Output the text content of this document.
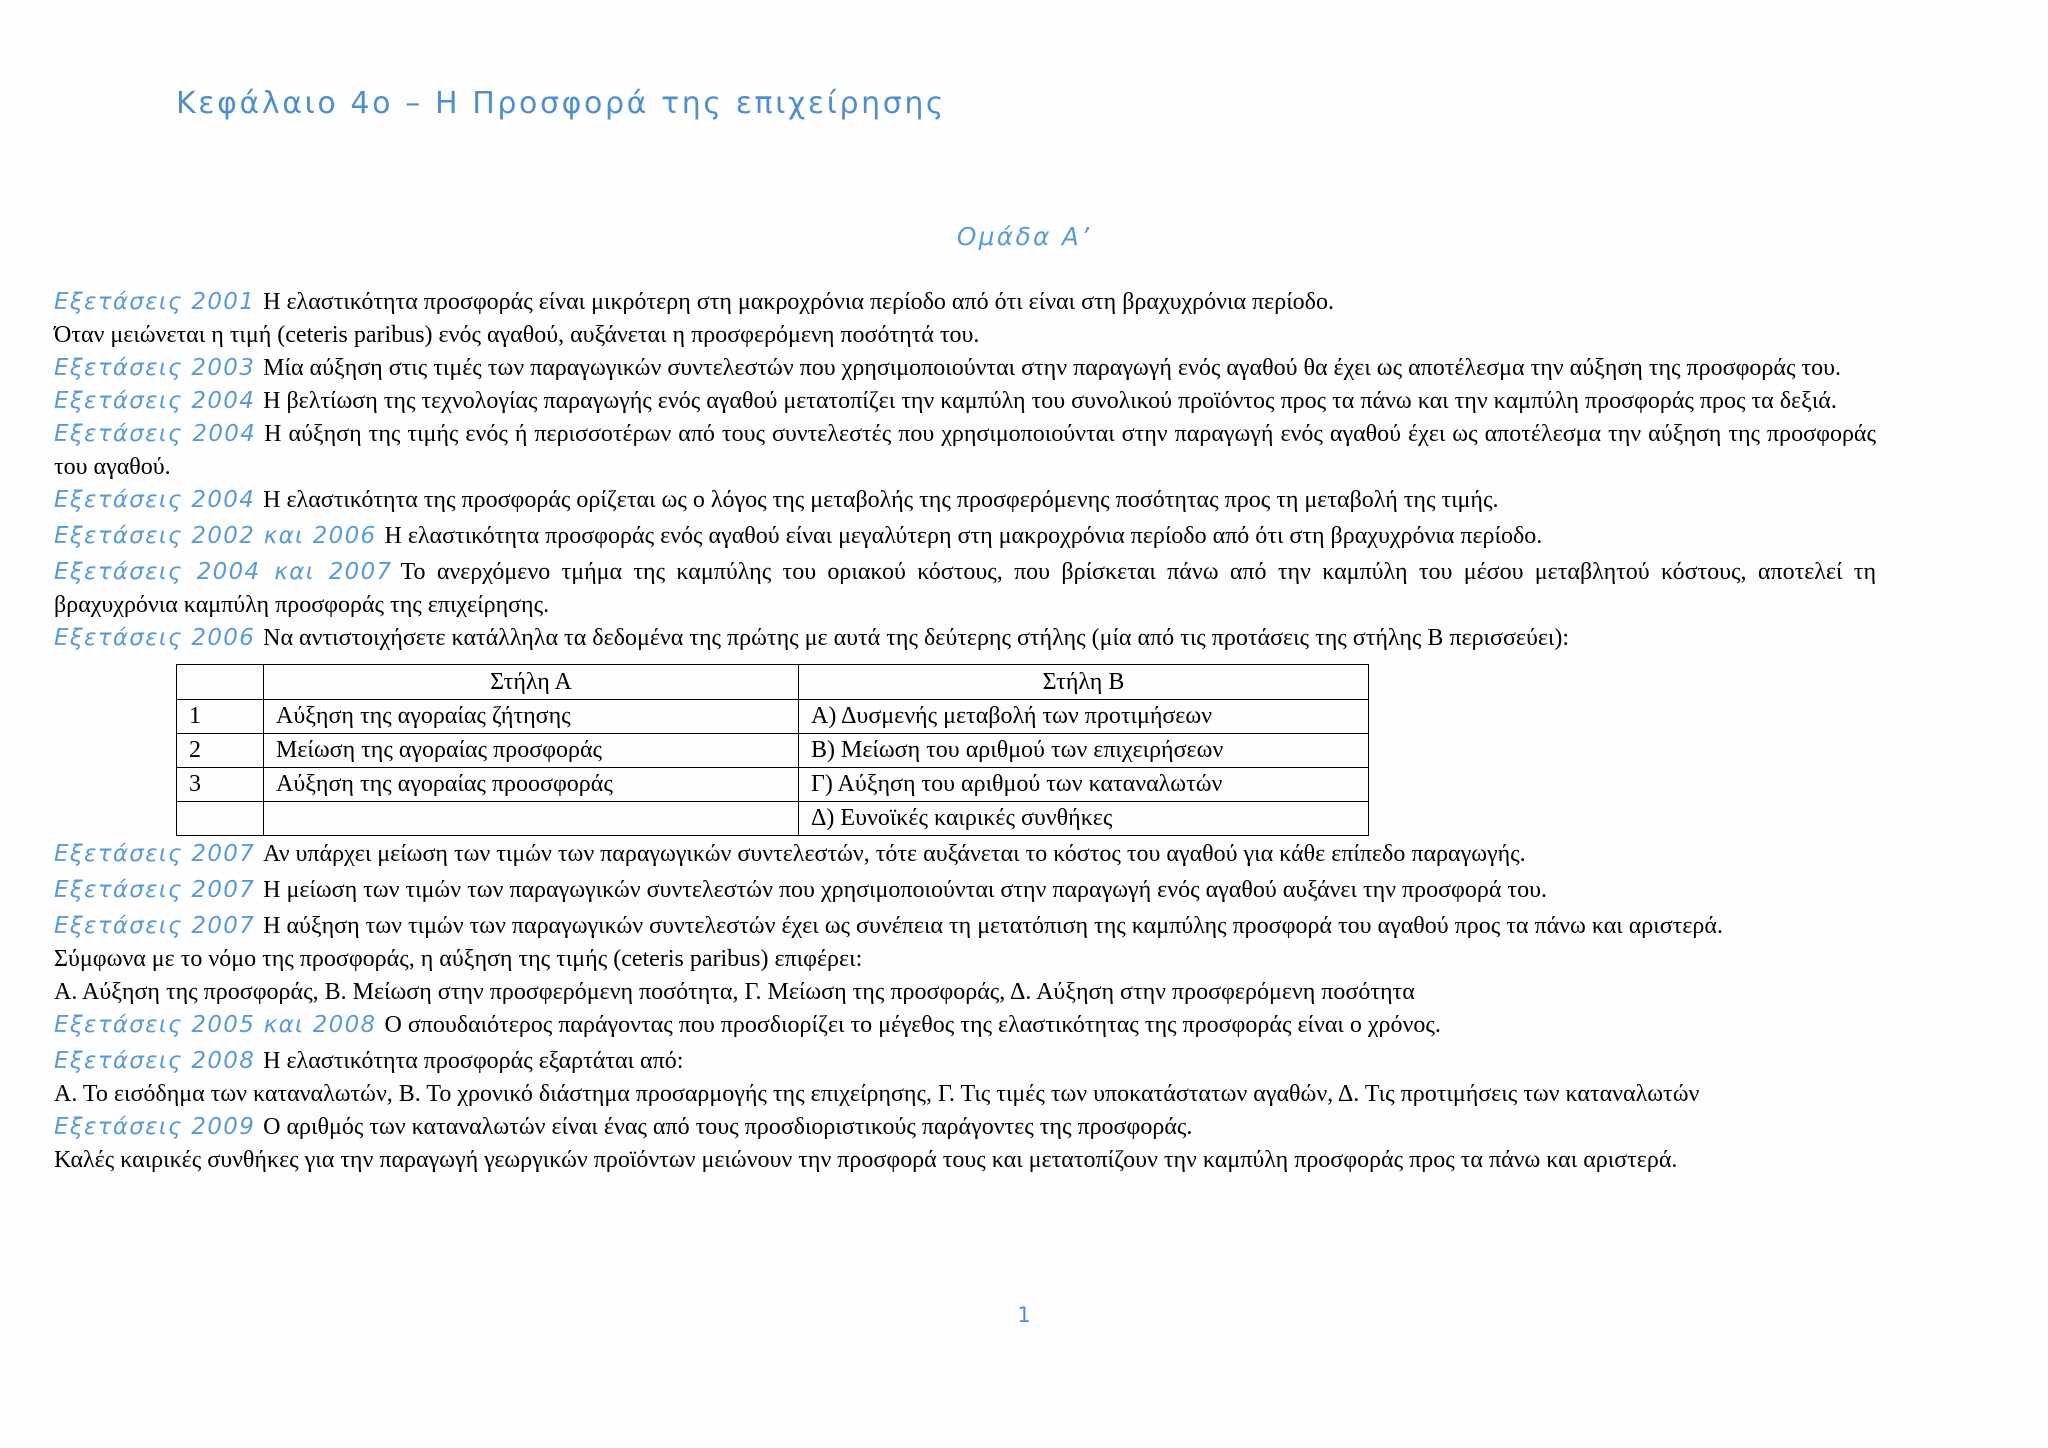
Κεφάλαιο 4ο – Η Προσφορά της επιχείρησης
Ομάδα Α’

Εξετάσεις 2001 Η ελαστικότητα προσφοράς είναι μικρότερη στη μακροχρόνια περίοδο από ότι είναι στη βραχυχρόνια περίοδο.

Όταν μειώνεται η τιμή (ceteris paribus) ενός αγαθού, αυξάνεται η προσφερόμενη ποσότητά του.

Εξετάσεις 2003 Μία αύξηση στις τιμές των παραγωγικών συντελεστών που χρησιμοποιούνται στην παραγωγή ενός αγαθού θα έχει ως αποτέλεσμα την αύξηση της προσφοράς του.

Εξετάσεις 2004 Η βελτίωση της τεχνολογίας παραγωγής ενός αγαθού μετατοπίζει την καμπύλη του συνολικού προϊόντος προς τα πάνω και την καμπύλη προσφοράς προς τα δεξιά.

Εξετάσεις 2004 Η αύξηση της τιμής ενός ή περισσοτέρων από τους συντελεστές που χρησιμοποιούνται στην παραγωγή ενός αγαθού έχει ως αποτέλεσμα την αύξηση της προσφοράς του αγαθού.

Εξετάσεις 2004 Η ελαστικότητα της προσφοράς ορίζεται ως ο λόγος της μεταβολής της προσφερόμενης ποσότητας προς τη μεταβολή της τιμής.

Εξετάσεις 2002 και 2006 Η ελαστικότητα προσφοράς ενός αγαθού είναι μεγαλύτερη στη μακροχρόνια περίοδο από ότι στη βραχυχρόνια περίοδο.

Εξετάσεις 2004 και 2007 Το ανερχόμενο τμήμα της καμπύλης του οριακού κόστους, που βρίσκεται πάνω από την καμπύλη του μέσου μεταβλητού κόστους, αποτελεί τη βραχυχρόνια καμπύλη προσφοράς της επιχείρησης.

Εξετάσεις 2006 Να αντιστοιχήσετε κατάλληλα τα δεδομένα της πρώτης με αυτά της δεύτερης στήλης (μία από τις προτάσεις της στήλης Β περισσεύει):

	Στήλη Α	Στήλη Β
1	Αύξηση της αγοραίας ζήτησης	Α) Δυσμενής μεταβολή των προτιμήσεων
2	Μείωση της αγοραίας προσφοράς	Β) Μείωση του αριθμού των επιχειρήσεων
3	Αύξηση της αγοραίας προοσφοράς	Γ) Αύξηση του αριθμού των καταναλωτών
		Δ) Ευνοϊκές καιρικές συνθήκες

Εξετάσεις 2007 Αν υπάρχει μείωση των τιμών των παραγωγικών συντελεστών, τότε αυξάνεται το κόστος του αγαθού για κάθε επίπεδο παραγωγής.

Εξετάσεις 2007 Η μείωση των τιμών των παραγωγικών συντελεστών που χρησιμοποιούνται στην παραγωγή ενός αγαθού αυξάνει την προσφορά του.

Εξετάσεις 2007 Η αύξηση των τιμών των παραγωγικών συντελεστών έχει ως συνέπεια τη μετατόπιση της καμπύλης προσφορά του αγαθού προς τα πάνω και αριστερά.

Σύμφωνα με το νόμο της προσφοράς, η αύξηση της τιμής (ceteris paribus) επιφέρει:

Α. Αύξηση της προσφοράς, Β. Μείωση στην προσφερόμενη ποσότητα, Γ. Μείωση της προσφοράς, Δ. Αύξηση στην προσφερόμενη ποσότητα

Εξετάσεις 2005 και 2008 Ο σπουδαιότερος παράγοντας που προσδιορίζει το μέγεθος της ελαστικότητας της προσφοράς είναι ο χρόνος.

Εξετάσεις 2008 Η ελαστικότητα προσφοράς εξαρτάται από:

Α. Το εισόδημα των καταναλωτών, Β. Το χρονικό διάστημα προσαρμογής της επιχείρησης, Γ. Τις τιμές των υποκατάστατων αγαθών, Δ. Τις προτιμήσεις των καταναλωτών

Εξετάσεις 2009 Ο αριθμός των καταναλωτών είναι ένας από τους προσδιοριστικούς παράγοντες της προσφοράς.

Καλές καιρικές συνθήκες για την παραγωγή γεωργικών προϊόντων μειώνουν την προσφορά τους και μετατοπίζουν την καμπύλη προσφοράς προς τα πάνω και αριστερά.

1
